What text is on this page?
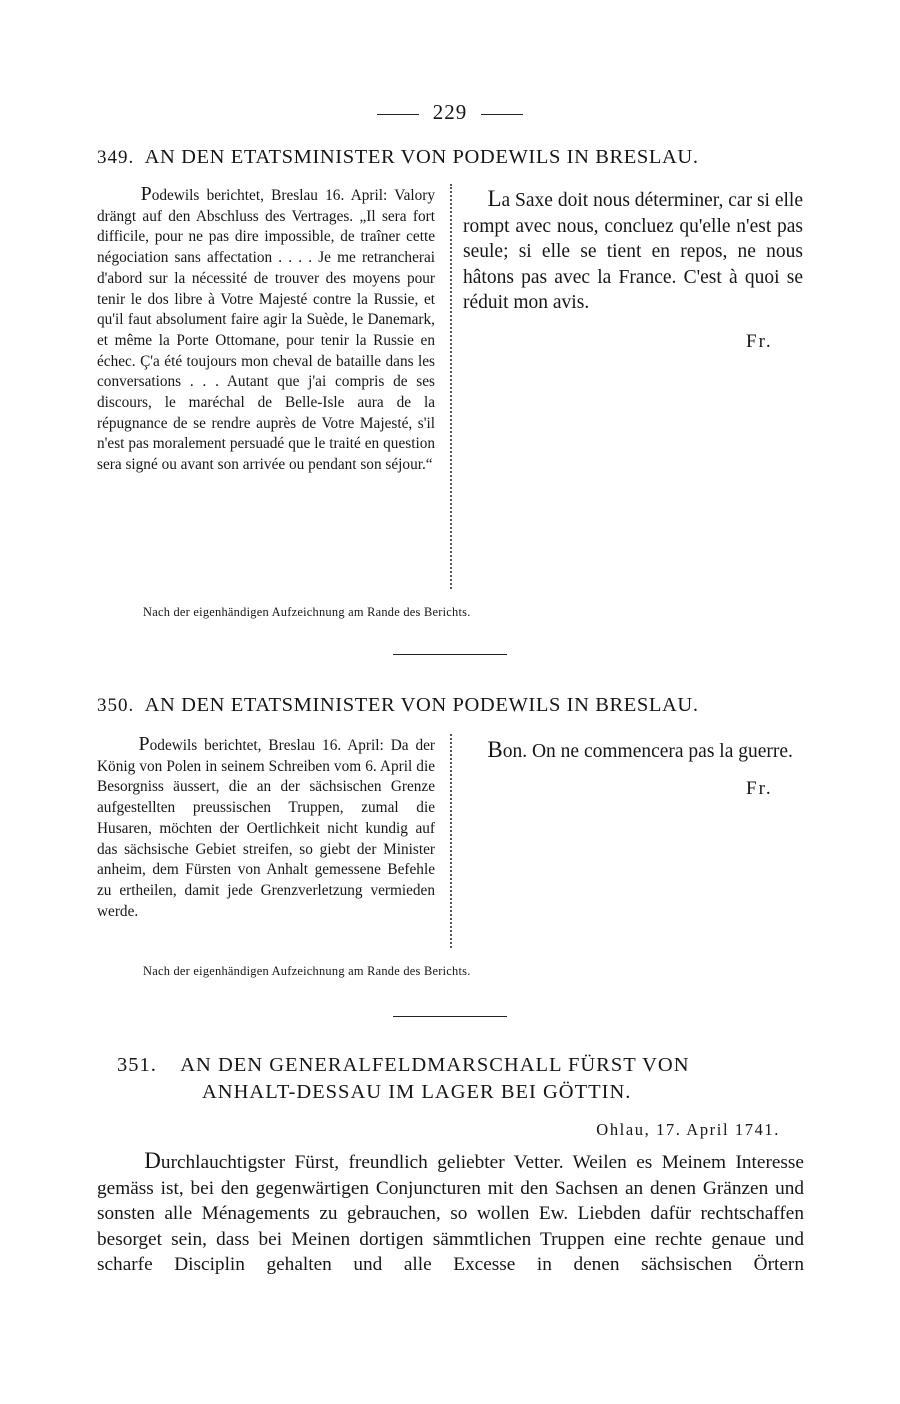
229
349. AN DEN ETATSMINISTER VON PODEWILS IN BRESLAU.
Podewils berichtet, Breslau 16. April: Valory drängt auf den Abschluss des Vertrages. „Il sera fort difficile, pour ne pas dire impossible, de traîner cette négociation sans affectation . . . . Je me retrancherai d'abord sur la nécessité de trouver des moyens pour tenir le dos libre à Votre Majesté contre la Russie, et qu'il faut absolument faire agir la Suède, le Danemark, et même la Porte Ottomane, pour tenir la Russie en échec. Ç'a été toujours mon cheval de bataille dans les conversations . . . Autant que j'ai compris de ses discours, le maréchal de Belle-Isle aura de la répugnance de se rendre auprès de Votre Majesté, s'il n'est pas moralement persuadé que le traité en question sera signé ou avant son arrivée ou pendant son séjour.“
La Saxe doit nous déterminer, car si elle rompt avec nous, concluez qu'elle n'est pas seule; si elle se tient en repos, ne nous hâtons pas avec la France. C'est à quoi se réduit mon avis.
Fr.
Nach der eigenhändigen Aufzeichnung am Rande des Berichts.
350. AN DEN ETATSMINISTER VON PODEWILS IN BRESLAU.
Podewils berichtet, Breslau 16. April: Da der König von Polen in seinem Schreiben vom 6. April die Besorgniss äussert, die an der sächsischen Grenze aufgestellten preussischen Truppen, zumal die Husaren, möchten der Oertlichkeit nicht kundig auf das sächsische Gebiet streifen, so giebt der Minister anheim, dem Fürsten von Anhalt gemessene Befehle zu ertheilen, damit jede Grenzverletzung vermieden werde.
Bon. On ne commencera pas la guerre.
Fr.
Nach der eigenhändigen Aufzeichnung am Rande des Berichts.
351. AN DEN GENERALFELDMARSCHALL FÜRST VON
ANHALT-DESSAU IM LAGER BEI GÖTTIN.
Ohlau, 17. April 1741.

Durchlauchtigster Fürst, freundlich geliebter Vetter. Weilen es Meinem Interesse gemäss ist, bei den gegenwärtigen Conjuncturen mit den Sachsen an denen Gränzen und sonsten alle Ménagements zu gebrauchen, so wollen Ew. Liebden dafür rechtschaffen besorget sein, dass bei Meinen dortigen sämmtlichen Truppen eine rechte genaue und scharfe Disciplin gehalten und alle Excesse in denen sächsischen Örtern
